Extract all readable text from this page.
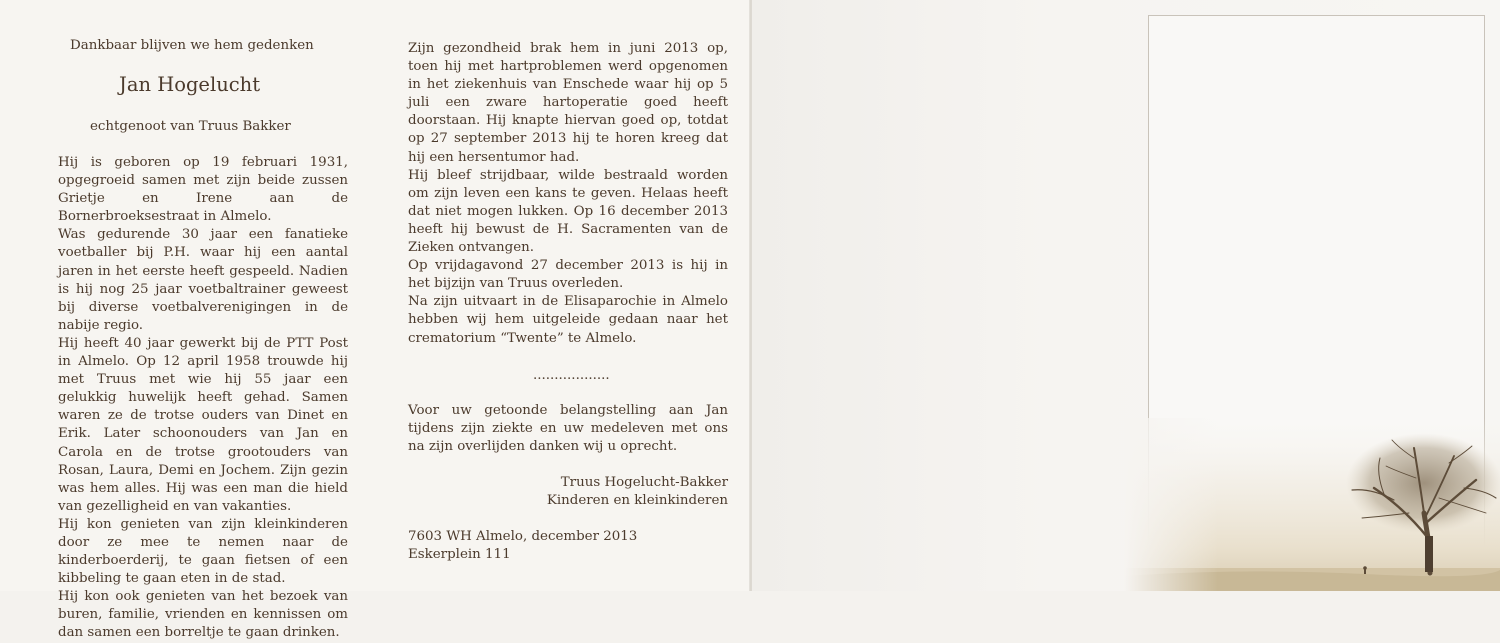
Dankbaar blijven we hem gedenken
Jan Hogelucht
echtgenoot van Truus Bakker

Hij is geboren op 19 februari 1931, opgegroeid samen met zijn beide zussen Grietje en Irene aan de Bornerbroeksestraat in Almelo.

Was gedurende 30 jaar een fanatieke voetballer bij P.H. waar hij een aantal jaren in het eerste heeft gespeeld. Nadien is hij nog 25 jaar voetbaltrainer geweest bij diverse voetbalverenigingen in de nabije regio.

Hij heeft 40 jaar gewerkt bij de PTT Post in Almelo. Op 12 april 1958 trouwde hij met Truus met wie hij 55 jaar een gelukkig huwelijk heeft gehad. Samen waren ze de trotse ouders van Dinet en Erik. Later schoonouders van Jan en Carola en de trotse grootouders van Rosan, Laura, Demi en Jochem. Zijn gezin was hem alles. Hij was een man die hield van gezelligheid en van vakanties.

Hij kon genieten van zijn kleinkinderen door ze mee te nemen naar de kinderboerderij, te gaan fietsen of een kibbeling te gaan eten in de stad.

Hij kon ook genieten van het bezoek van buren, familie, vrienden en kennissen om dan samen een borreltje te gaan drinken.

Zijn gezondheid brak hem in juni 2013 op, toen hij met hartproblemen werd opgenomen in het ziekenhuis van Enschede waar hij op 5 juli een zware hartoperatie goed heeft doorstaan. Hij knapte hiervan goed op, totdat op 27 september 2013 hij te horen kreeg dat hij een hersentumor had.

Hij bleef strijdbaar, wilde bestraald worden om zijn leven een kans te geven. Helaas heeft dat niet mogen lukken. Op 16 december 2013 heeft hij bewust de H. Sacramenten van de Zieken ontvangen.

Op vrijdagavond 27 december 2013 is hij in het bijzijn van Truus overleden.

Na zijn uitvaart in de Elisaparochie in Almelo hebben wij hem uitgeleide gedaan naar het crematorium “Twente” te Almelo.

..................
Voor uw getoonde belangstelling aan Jan tijdens zijn ziekte en uw medeleven met ons na zijn overlijden danken wij u oprecht.
Truus Hogelucht-Bakker
Kinderen en kleinkinderen
7603 WH Almelo, december 2013
Eskerplein 111
